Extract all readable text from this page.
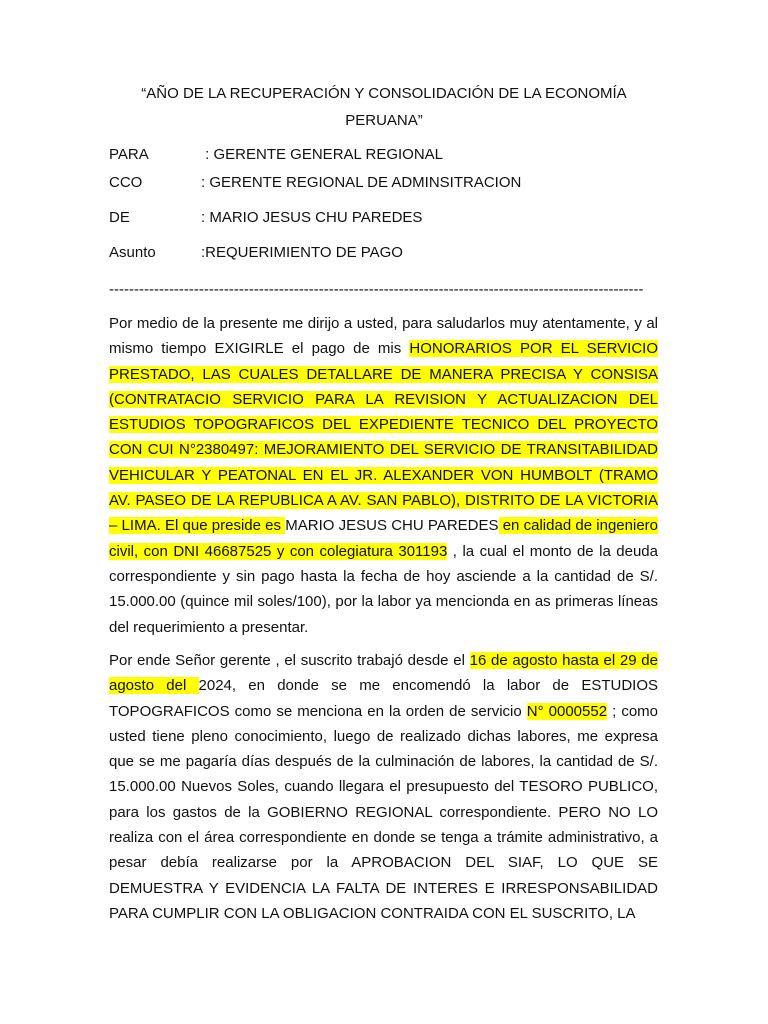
“AÑO DE LA RECUPERACIÓN Y CONSOLIDACIÓN DE LA ECONOMÍA
PERUANA”
PARA	: GERENTE GENERAL REGIONAL
CCO	: GERENTE REGIONAL DE ADMINSITRACION
DE	: MARIO JESUS CHU PAREDES
Asunto	:REQUERIMIENTO DE PAGO
-----------------------------------------------------------------------------------------------------------
Por medio de la presente me dirijo a usted, para saludarlos muy atentamente, y al mismo tiempo EXIGIRLE el pago de mis HONORARIOS POR EL SERVICIO PRESTADO, LAS CUALES DETALLARE DE MANERA PRECISA Y CONSISA (CONTRATACIO SERVICIO PARA LA REVISION Y ACTUALIZACION DEL ESTUDIOS TOPOGRAFICOS DEL EXPEDIENTE TECNICO DEL PROYECTO CON CUI N°2380497: MEJORAMIENTO DEL SERVICIO DE TRANSITABILIDAD VEHICULAR Y PEATONAL EN EL JR. ALEXANDER VON HUMBOLT (TRAMO AV. PASEO DE LA REPUBLICA A AV. SAN PABLO), DISTRITO DE LA VICTORIA – LIMA. El que preside es MARIO JESUS CHU PAREDES en calidad de ingeniero civil, con DNI 46687525 y con colegiatura 301193 , la cual el monto de la deuda correspondiente y sin pago hasta la fecha de hoy asciende a la cantidad de S/. 15.000.00 (quince mil soles/100), por la labor ya mencionda en as primeras líneas del requerimiento a presentar.
Por ende Señor gerente , el suscrito trabajó desde el 16 de agosto hasta el 29 de agosto del 2024, en donde se me encomendó la labor de ESTUDIOS TOPOGRAFICOS como se menciona en la orden de servicio N° 0000552 ; como usted tiene pleno conocimiento, luego de realizado dichas labores, me expresa que se me pagaría días después de la culminación de labores, la cantidad de S/. 15.000.00 Nuevos Soles, cuando llegara el presupuesto del TESORO PUBLICO, para los gastos de la GOBIERNO REGIONAL correspondiente. PERO NO LO realiza con el área correspondiente en donde se tenga a trámite administrativo, a pesar debía realizarse por la APROBACION DEL SIAF, LO QUE SE DEMUESTRA Y EVIDENCIA LA FALTA DE INTERES E IRRESPONSABILIDAD PARA CUMPLIR CON LA OBLIGACION CONTRAIDA CON EL SUSCRITO, LA
